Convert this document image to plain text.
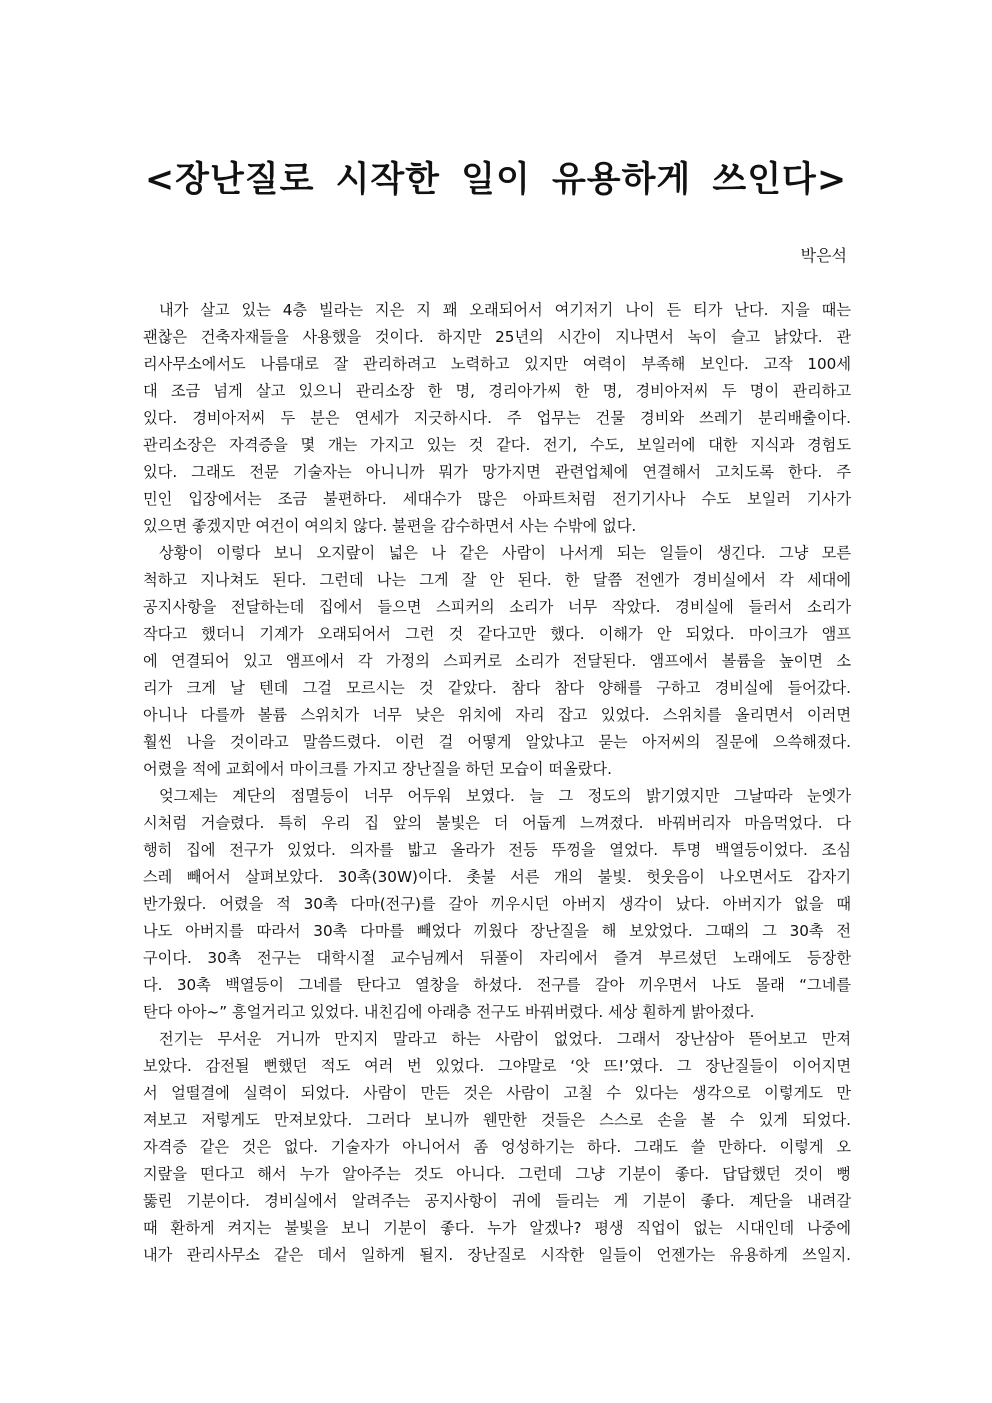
<장난질로 시작한 일이 유용하게 쓰인다>

박은석

내가 살고 있는 4층 빌라는 지은 지 꽤 오래되어서 여기저기 나이 든 티가 난다. 지을 때는
괜찮은 건축자재들을 사용했을 것이다. 하지만 25년의 시간이 지나면서 녹이 슬고 낡았다. 관
리사무소에서도 나름대로 잘 관리하려고 노력하고 있지만 여력이 부족해 보인다. 고작 100세
대 조금 넘게 살고 있으니 관리소장 한 명, 경리아가씨 한 명, 경비아저씨 두 명이 관리하고
있다. 경비아저씨 두 분은 연세가 지긋하시다. 주 업무는 건물 경비와 쓰레기 분리배출이다.
관리소장은 자격증을 몇 개는 가지고 있는 것 같다. 전기, 수도, 보일러에 대한 지식과 경험도
있다. 그래도 전문 기술자는 아니니까 뭐가 망가지면 관련업체에 연결해서 고치도록 한다. 주
민인 입장에서는 조금 불편하다. 세대수가 많은 아파트처럼 전기기사나 수도 보일러 기사가
있으면 좋겠지만 여건이 여의치 않다. 불편을 감수하면서 사는 수밖에 없다.
상황이 이렇다 보니 오지랖이 넓은 나 같은 사람이 나서게 되는 일들이 생긴다. 그냥 모른
척하고 지나쳐도 된다. 그런데 나는 그게 잘 안 된다. 한 달쯤 전엔가 경비실에서 각 세대에
공지사항을 전달하는데 집에서 들으면 스피커의 소리가 너무 작았다. 경비실에 들러서 소리가
작다고 했더니 기계가 오래되어서 그런 것 같다고만 했다. 이해가 안 되었다. 마이크가 앰프
에 연결되어 있고 앰프에서 각 가정의 스피커로 소리가 전달된다. 앰프에서 볼륨을 높이면 소
리가 크게 날 텐데 그걸 모르시는 것 같았다. 참다 참다 양해를 구하고 경비실에 들어갔다.
아니나 다를까 볼륨 스위치가 너무 낮은 위치에 자리 잡고 있었다. 스위치를 올리면서 이러면
훨씬 나을 것이라고 말씀드렸다. 이런 걸 어떻게 알았냐고 묻는 아저씨의 질문에 으쓱해졌다.
어렸을 적에 교회에서 마이크를 가지고 장난질을 하던 모습이 떠올랐다.
엊그제는 계단의 점멸등이 너무 어두워 보였다. 늘 그 정도의 밝기였지만 그날따라 눈엣가
시처럼 거슬렸다. 특히 우리 집 앞의 불빛은 더 어둡게 느껴졌다. 바꿔버리자 마음먹었다. 다
행히 집에 전구가 있었다. 의자를 밟고 올라가 전등 뚜껑을 열었다. 투명 백열등이었다. 조심
스레 빼어서 살펴보았다. 30촉(30W)이다. 촛불 서른 개의 불빛. 헛웃음이 나오면서도 갑자기
반가웠다. 어렸을 적 30촉 다마(전구)를 갈아 끼우시던 아버지 생각이 났다. 아버지가 없을 때
나도 아버지를 따라서 30촉 다마를 빼었다 끼웠다 장난질을 해 보았었다. 그때의 그 30촉 전
구이다. 30촉 전구는 대학시절 교수님께서 뒤풀이 자리에서 즐겨 부르셨던 노래에도 등장한
다. 30촉 백열등이 그네를 탄다고 열창을 하셨다. 전구를 갈아 끼우면서 나도 몰래 “그네를
탄다 아아~” 흥얼거리고 있었다. 내친김에 아래층 전구도 바꿔버렸다. 세상 훤하게 밝아졌다.
전기는 무서운 거니까 만지지 말라고 하는 사람이 없었다. 그래서 장난삼아 뜯어보고 만져
보았다. 감전될 뻔했던 적도 여러 번 있었다. 그야말로 ‘앗 뜨!’였다. 그 장난질들이 이어지면
서 얼떨결에 실력이 되었다. 사람이 만든 것은 사람이 고칠 수 있다는 생각으로 이렇게도 만
져보고 저렇게도 만져보았다. 그러다 보니까 웬만한 것들은 스스로 손을 볼 수 있게 되었다.
자격증 같은 것은 없다. 기술자가 아니어서 좀 엉성하기는 하다. 그래도 쓸 만하다. 이렇게 오
지랖을 떤다고 해서 누가 알아주는 것도 아니다. 그런데 그냥 기분이 좋다. 답답했던 것이 뻥
뚫린 기분이다. 경비실에서 알려주는 공지사항이 귀에 들리는 게 기분이 좋다. 계단을 내려갈
때 환하게 켜지는 불빛을 보니 기분이 좋다. 누가 알겠나? 평생 직업이 없는 시대인데 나중에
내가 관리사무소 같은 데서 일하게 될지. 장난질로 시작한 일들이 언젠가는 유용하게 쓰일지.
